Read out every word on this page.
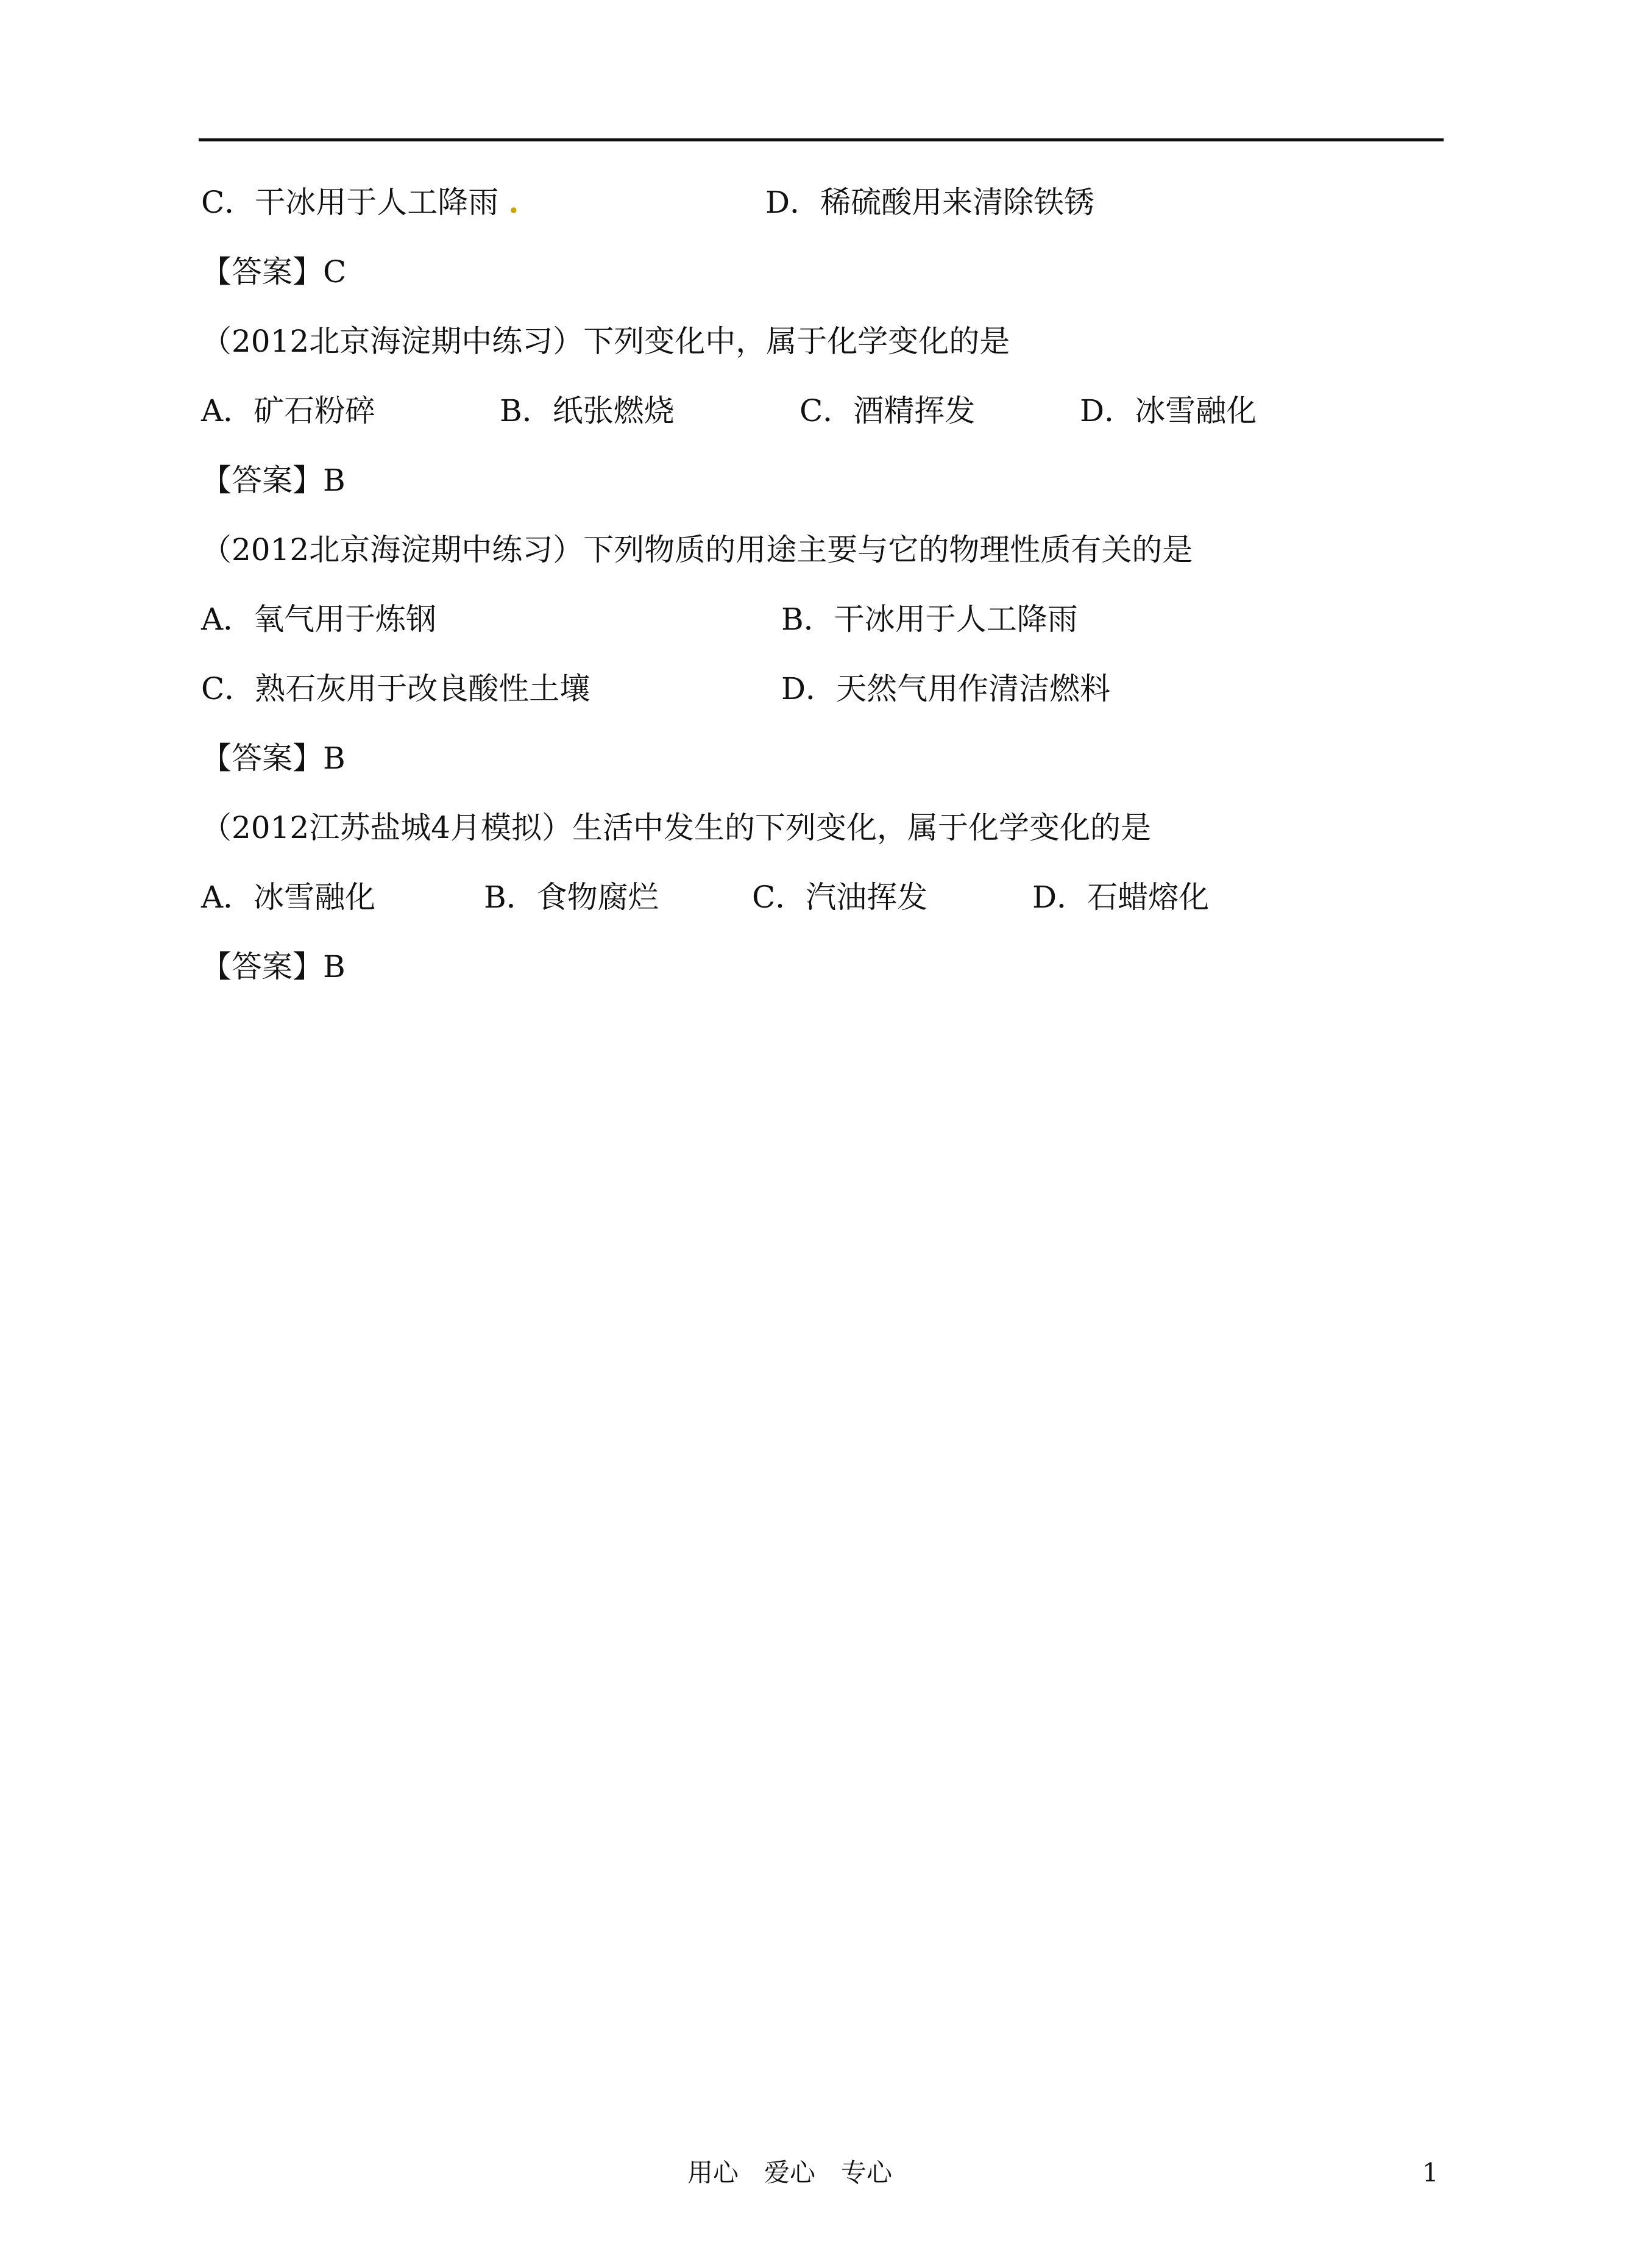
C．干冰用于人工降雨 .	D．稀硫酸用来清除铁锈
【答案】C
（2012北京海淀期中练习）下列变化中，属于化学变化的是
A．矿石粉碎	B．纸张燃烧	C．酒精挥发	D．冰雪融化
【答案】B
（2012北京海淀期中练习）下列物质的用途主要与它的物理性质有关的是
A．氧气用于炼钢	B．干冰用于人工降雨
C．熟石灰用于改良酸性土壤	D．天然气用作清洁燃料
【答案】B
（2012江苏盐城4月模拟）生活中发生的下列变化，属于化学变化的是
A．冰雪融化	B．食物腐烂	C．汽油挥发	D．石蜡熔化
【答案】B
用心　爱心　专心	1
